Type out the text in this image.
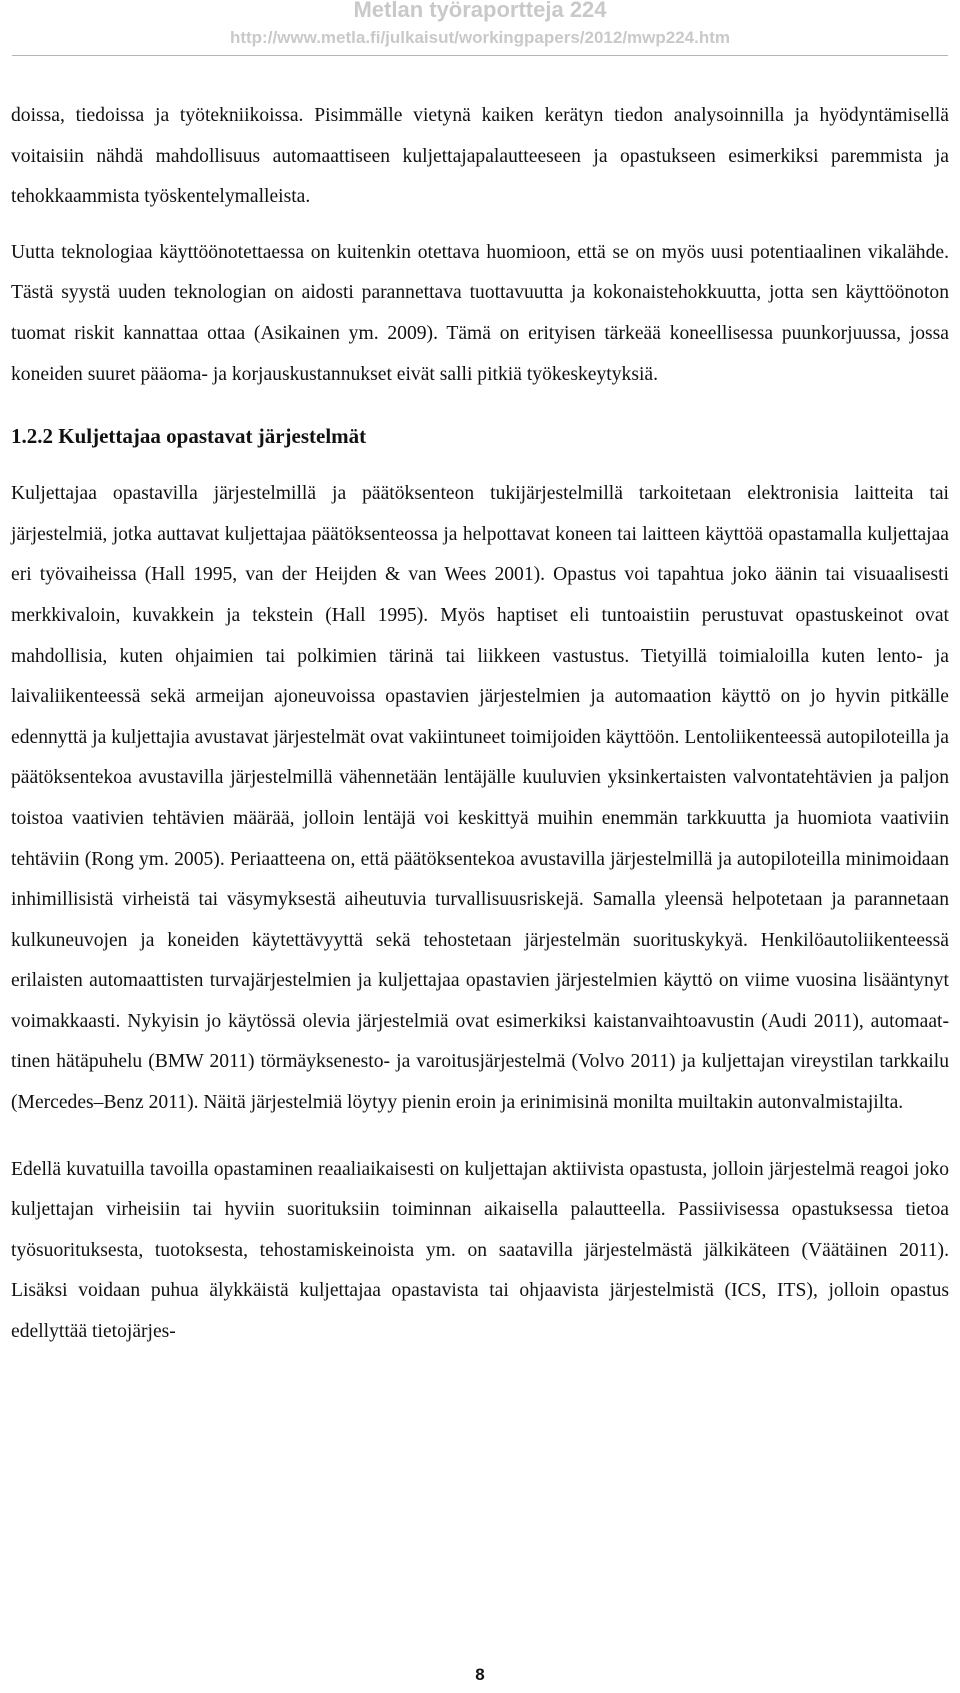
Metlan työraportteja 224
http://www.metla.fi/julkaisut/workingpapers/2012/mwp224.htm

doissa, tiedoissa ja työtekniikoissa. Pisimmälle vietynä kaiken kerätyn tiedon analysoinnilla ja hyödyntämisellä voitaisiin nähdä mahdollisuus automaattiseen kuljettajapalautteeseen ja opastukseen esimerkiksi paremmista ja tehokkaammista työskentelymalleista.

Uutta teknologiaa käyttöönotettaessa on kuitenkin otettava huomioon, että se on myös uusi potentiaalinen vikalähde. Tästä syystä uuden teknologian on aidosti parannettava tuottavuutta ja kokonaistehokkuutta, jotta sen käyttöönoton tuomat riskit kannattaa ottaa (Asikainen ym. 2009). Tämä on erityisen tärkeää koneellisessa puunkorjuussa, jossa koneiden suuret pääoma- ja korjauskustannukset eivät salli pitkiä työkeskeytyksiä.

1.2.2 Kuljettajaa opastavat järjestelmät

Kuljettajaa opastavilla järjestelmillä ja päätöksenteon tukijärjestelmillä tarkoitetaan elektronisia laitteita tai järjestelmiä, jotka auttavat kuljettajaa päätöksenteossa ja helpottavat koneen tai laitteen käyttöä opastamalla kuljettajaa eri työvaiheissa (Hall 1995, van der Heijden & van Wees 2001). Opastus voi tapahtua joko äänin tai visuaalisesti merkkivaloin, kuvakkein ja tekstein (Hall 1995). Myös haptiset eli tuntoaistiin perustuvat opastuskeinot ovat mahdollisia, kuten ohjaimien tai polkimien tärinä tai liikkeen vastustus. Tietyillä toimialoilla kuten lento- ja laivaliikenteessä sekä armeijan ajoneuvoissa opastavien järjestelmien ja automaation käyttö on jo hyvin pitkälle edennyttä ja kuljettajia avustavat järjestelmät ovat vakiintuneet toimijoiden käyttöön. Lentoliikenteessä autopiloteilla ja päätöksentekoa avustavilla järjestelmillä vähennetään lentäjälle kuuluvien yksinkertaisten valvontatehtävien ja paljon toistoa vaativien tehtävien määrää, jolloin lentäjä voi keskittyä muihin enemmän tarkkuutta ja huomiota vaativiin tehtäviin (Rong ym. 2005). Periaatteena on, että päätöksentekoa avustavilla järjestelmillä ja autopiloteilla minimoidaan inhimillisistä virheistä tai väsymyksestä aiheutuvia turvallisuusriskejä. Samalla yleensä helpotetaan ja parannetaan kulkuneuvojen ja koneiden käytettävyyttä sekä tehostetaan järjestelmän suorituskykyä. Henkilöautoliikenteessä erilaisten automaattisten turvajärjestelmien ja kuljettajaa opastavien järjestelmien käyttö on viime vuosina lisääntynyt voimakkaasti. Nykyisin jo käytössä olevia järjestelmiä ovat esimerkiksi kaistanvaihtoavustin (Audi 2011), automaattinen hätäpuhelu (BMW 2011) törmäyksenesto- ja varoitusjärjestelmä (Volvo 2011) ja kuljettajan vireystilan tarkkailu (Mercedes–Benz 2011). Näitä järjestelmiä löytyy pienin eroin ja erinimisinä monilta muiltakin autonvalmistajilta.

Edellä kuvatuilla tavoilla opastaminen reaaliaikaisesti on kuljettajan aktiivista opastusta, jolloin järjestelmä reagoi joko kuljettajan virheisiin tai hyviin suorituksiin toiminnan aikaisella palautteella. Passiivisessa opastuksessa tietoa työsuorituksesta, tuotoksesta, tehostamiskeinoista ym. on saatavilla järjestelmästä jälkikäteen (Väätäinen 2011). Lisäksi voidaan puhua älykkäistä kuljettajaa opastavista tai ohjaavista järjestelmistä (ICS, ITS), jolloin opastus edellyttää tietojärjes-

8
